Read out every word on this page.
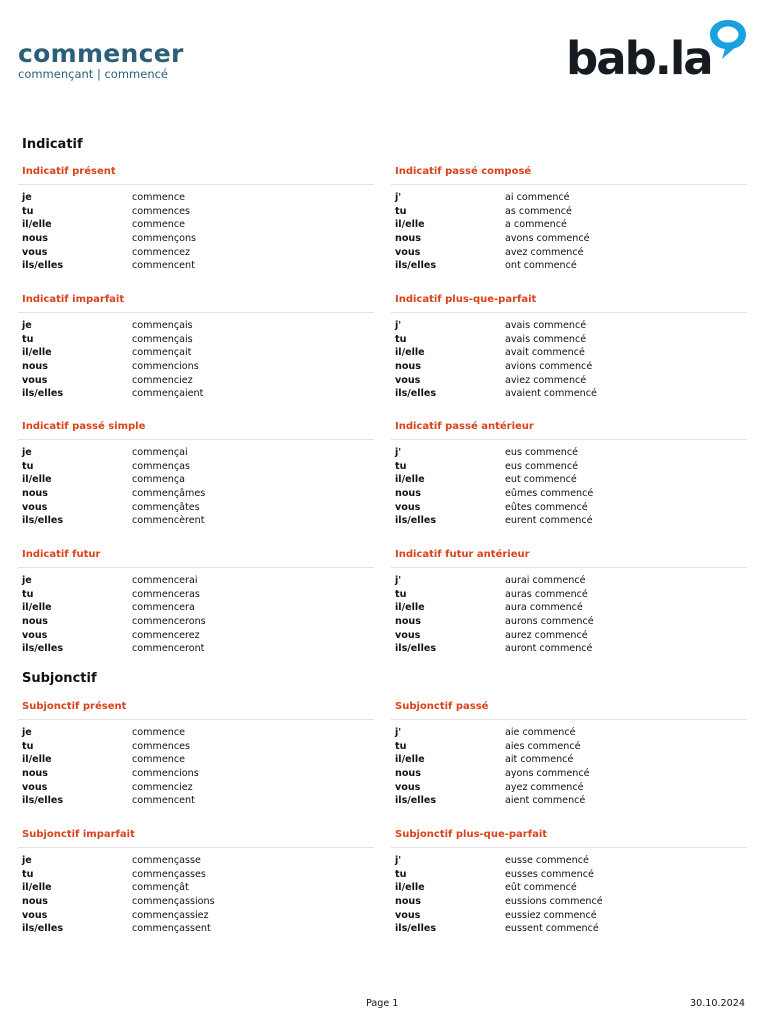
commencer
commençant | commencé	bab.la
Indicatif
Indicatif présent
je	commence
tu	commences
il/elle	commence
nous	commençons
vous	commencez
ils/elles	commencent
Indicatif passé composé
j'	ai commencé
tu	as commencé
il/elle	a commencé
nous	avons commencé
vous	avez commencé
ils/elles	ont commencé
Indicatif imparfait
je	commençais
tu	commençais
il/elle	commençait
nous	commencions
vous	commenciez
ils/elles	commençaient
Indicatif plus-que-parfait
j'	avais commencé
tu	avais commencé
il/elle	avait commencé
nous	avions commencé
vous	aviez commencé
ils/elles	avaient commencé
Indicatif passé simple
je	commençai
tu	commenças
il/elle	commença
nous	commençâmes
vous	commençâtes
ils/elles	commencèrent
Indicatif passé antérieur
j'	eus commencé
tu	eus commencé
il/elle	eut commencé
nous	eûmes commencé
vous	eûtes commencé
ils/elles	eurent commencé
Indicatif futur
je	commencerai
tu	commenceras
il/elle	commencera
nous	commencerons
vous	commencerez
ils/elles	commenceront
Indicatif futur antérieur
j'	aurai commencé
tu	auras commencé
il/elle	aura commencé
nous	aurons commencé
vous	aurez commencé
ils/elles	auront commencé
Subjonctif
Subjonctif présent
je	commence
tu	commences
il/elle	commence
nous	commencions
vous	commenciez
ils/elles	commencent
Subjonctif passé
j'	aie commencé
tu	aies commencé
il/elle	ait commencé
nous	ayons commencé
vous	ayez commencé
ils/elles	aient commencé
Subjonctif imparfait
je	commençasse
tu	commençasses
il/elle	commençât
nous	commençassions
vous	commençassiez
ils/elles	commençassent
Subjonctif plus-que-parfait
j'	eusse commencé
tu	eusses commencé
il/elle	eût commencé
nous	eussions commencé
vous	eussiez commencé
ils/elles	eussent commencé
Page 1	30.10.2024
